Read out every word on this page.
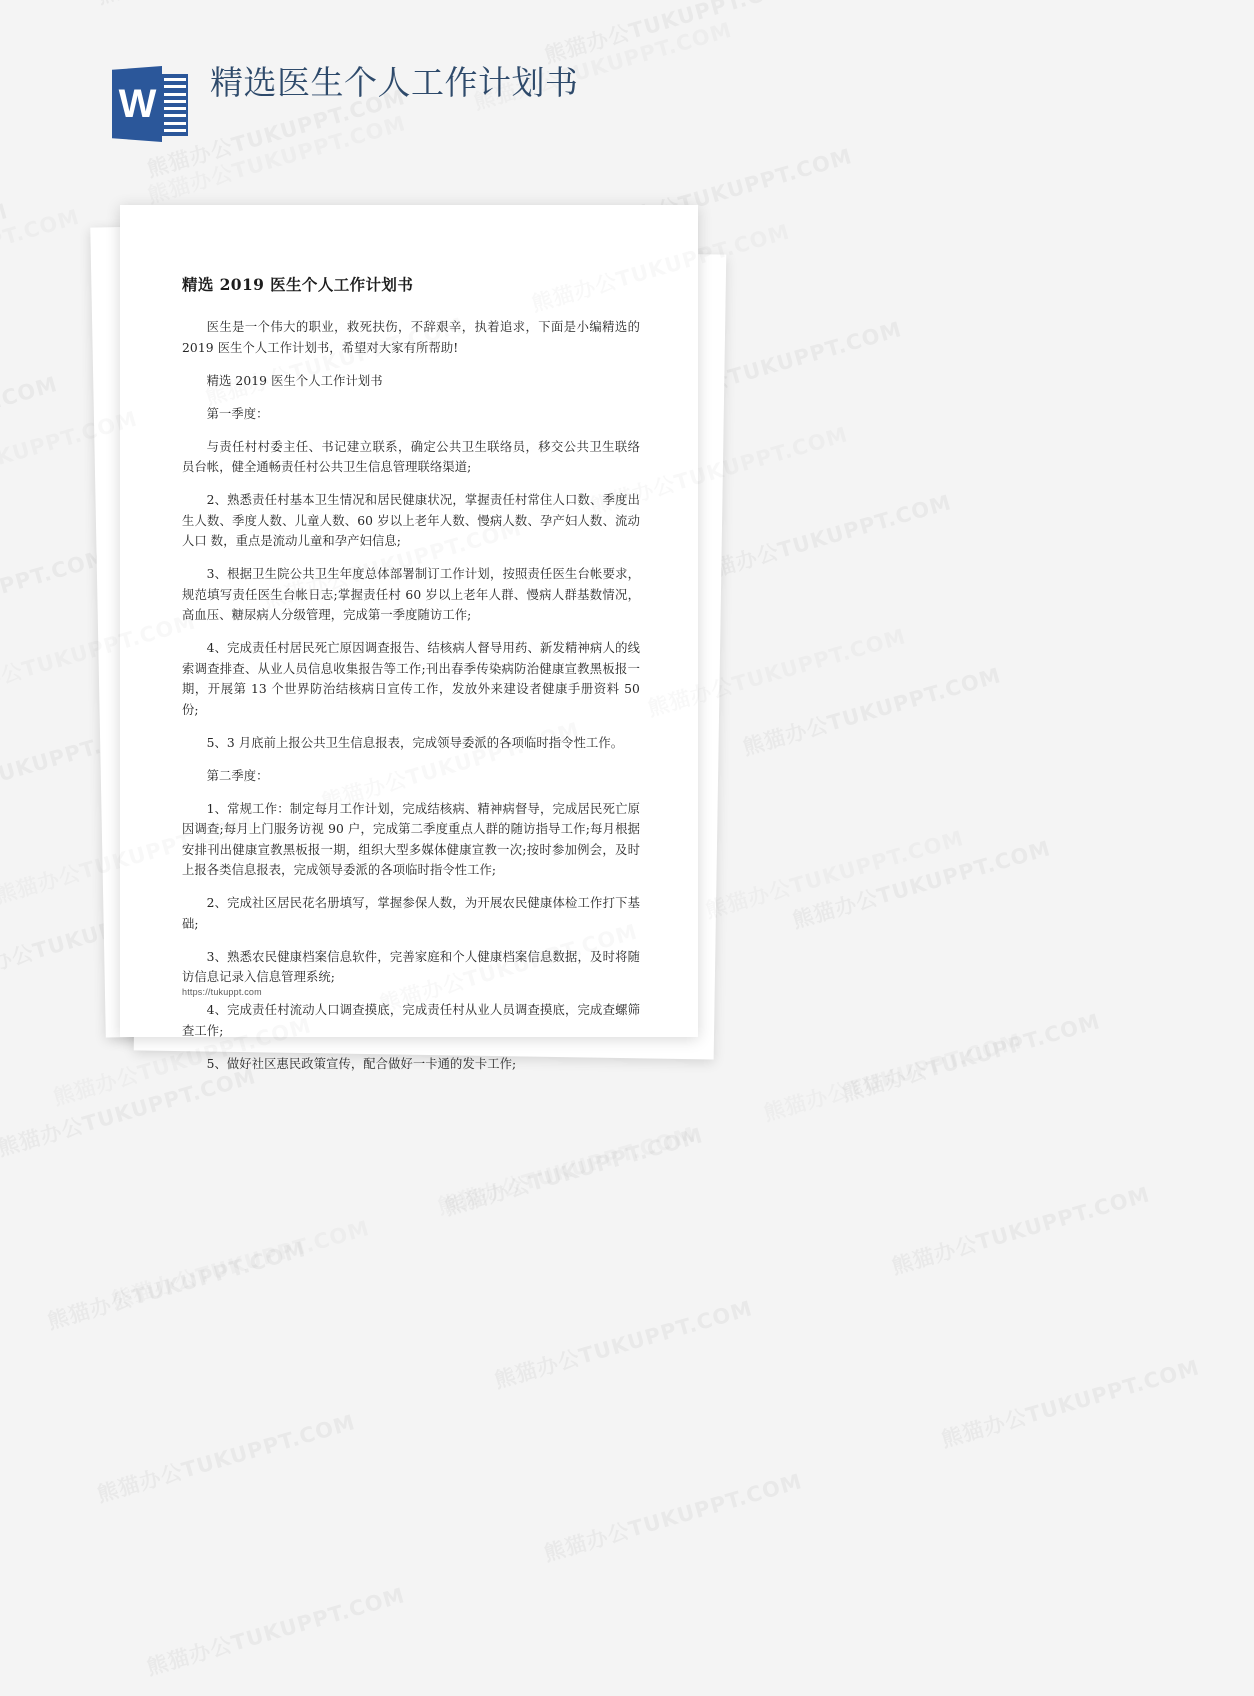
W 精选医生个人工作计划书
精选 2019 医生个人工作计划书

医生是一个伟大的职业，救死扶伤，不辞艰辛，执着追求，下面是小编精选的 2019 医生个人工作计划书，希望对大家有所帮助!

精选 2019 医生个人工作计划书

第一季度：

与责任村村委主任、书记建立联系，确定公共卫生联络员，移交公共卫生联络员台帐，健全通畅责任村公共卫生信息管理联络渠道;

2、熟悉责任村基本卫生情况和居民健康状况，掌握责任村常住人口数、季度出生人数、季度人数、儿童人数、60 岁以上老年人数、慢病人数、孕产妇人数、流动人口 数，重点是流动儿童和孕产妇信息;

3、根据卫生院公共卫生年度总体部署制订工作计划，按照责任医生台帐要求，规范填写责任医生台帐日志;掌握责任村 60 岁以上老年人群、慢病人群基数情况，高血压、糖尿病人分级管理，完成第一季度随访工作;

4、完成责任村居民死亡原因调查报告、结核病人督导用药、新发精神病人的线索调查排查、从业人员信息收集报告等工作;刊出春季传染病防治健康宣教黑板报一期，开展第 13 个世界防治结核病日宣传工作，发放外来建设者健康手册资料 50 份;

5、3 月底前上报公共卫生信息报表，完成领导委派的各项临时指令性工作。

第二季度：

1、常规工作：制定每月工作计划，完成结核病、精神病督导，完成居民死亡原因调查;每月上门服务访视 90 户，完成第二季度重点人群的随访指导工作;每月根据安排刊出健康宣教黑板报一期，组织大型多媒体健康宣教一次;按时参加例会，及时上报各类信息报表，完成领导委派的各项临时指令性工作;

2、完成社区居民花名册填写，掌握参保人数，为开展农民健康体检工作打下基础;

3、熟悉农民健康档案信息软件，完善家庭和个人健康档案信息数据，及时将随访信息记录入信息管理系统;

4、完成责任村流动人口调查摸底，完成责任村从业人员调查摸底，完成查螺筛查工作;

5、做好社区惠民政策宣传，配合做好一卡通的发卡工作;

https://tukuppt.com
